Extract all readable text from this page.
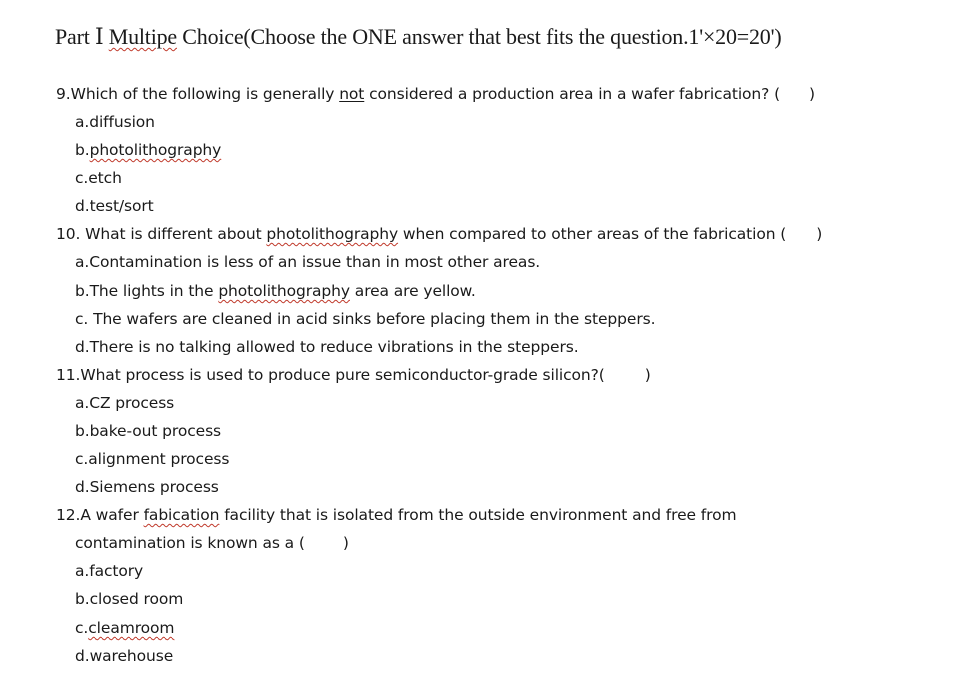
Part Ⅰ Multipe Choice(Choose the ONE answer that best fits the question.1'×20=20')
9.Which of the following is generally not considered a production area in a wafer fabrication? ( )
a.diffusion
b.photolithography
c.etch
d.test/sort
10. What is different about photolithography when compared to other areas of the fabrication ( )
a.Contamination is less of an issue than in most other areas.
b.The lights in the photolithography area are yellow.
c. The wafers are cleaned in acid sinks before placing them in the steppers.
d.There is no talking allowed to reduce vibrations in the steppers.
11.What process is used to produce pure semiconductor-grade silicon?(	)
a.CZ process
b.bake-out process
c.alignment process
d.Siemens process
12.A wafer fabication facility that is isolated from the outside environment and free from
contamination is known as a ( )
a.factory
b.closed room
c.cleamroom
d.warehouse
